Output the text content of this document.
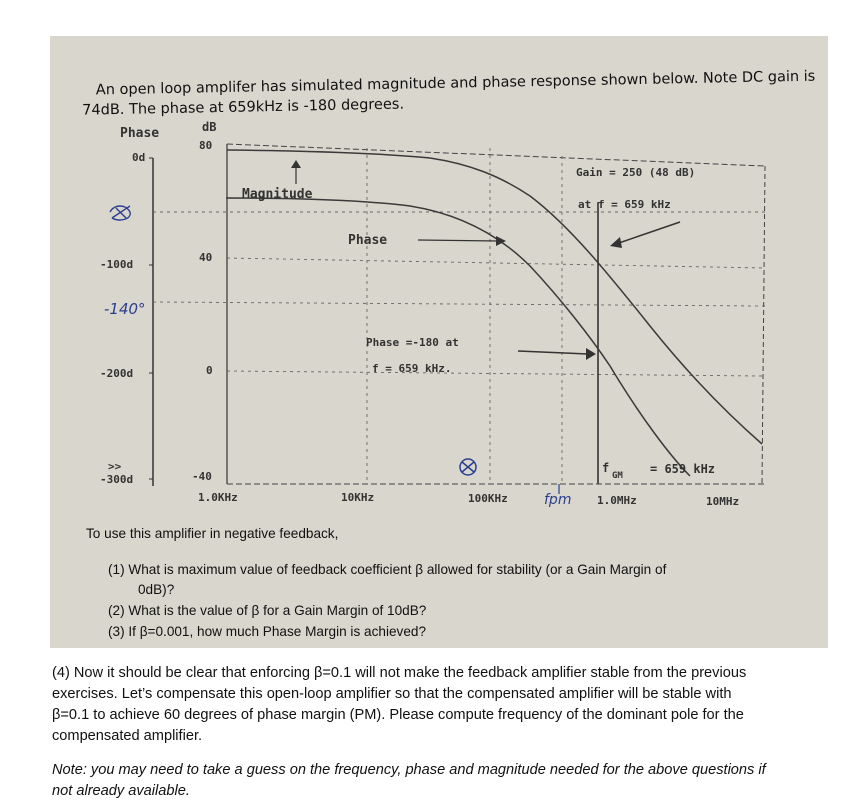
An open loop amplifer has simulated magnitude and phase response shown below. Note DC gain is
74dB. The phase at 659kHz is -180 degrees.
Phase	dB
0d
-100d
-200d
-300d
80
40
0
-40
Magnitude
Phase
Gain = 250 (48 dB)
at f = 659 kHz
Phase =-180 at
f = 659 kHz.
f
GM = 659 kHz
>>
1.0KHz	10KHz	100KHz	1.0MHz	10MHz
-140°
fpm
To use this amplifier in negative feedback,
(1) What is maximum value of feedback coefficient β allowed for stability (or a Gain Margin of
0dB)?
(2) What is the value of β for a Gain Margin of 10dB?
(3) If β=0.001, how much Phase Margin is achieved?
(4) Now it should be clear that enforcing β=0.1 will not make the feedback amplifier stable from the previous exercises. Let’s compensate this open-loop amplifier so that the compensated amplifier will be stable with β=0.1 to achieve 60 degrees of phase margin (PM). Please compute frequency of the dominant pole for the compensated amplifier.
Note: you may need to take a guess on the frequency, phase and magnitude needed for the above questions if not already available.
